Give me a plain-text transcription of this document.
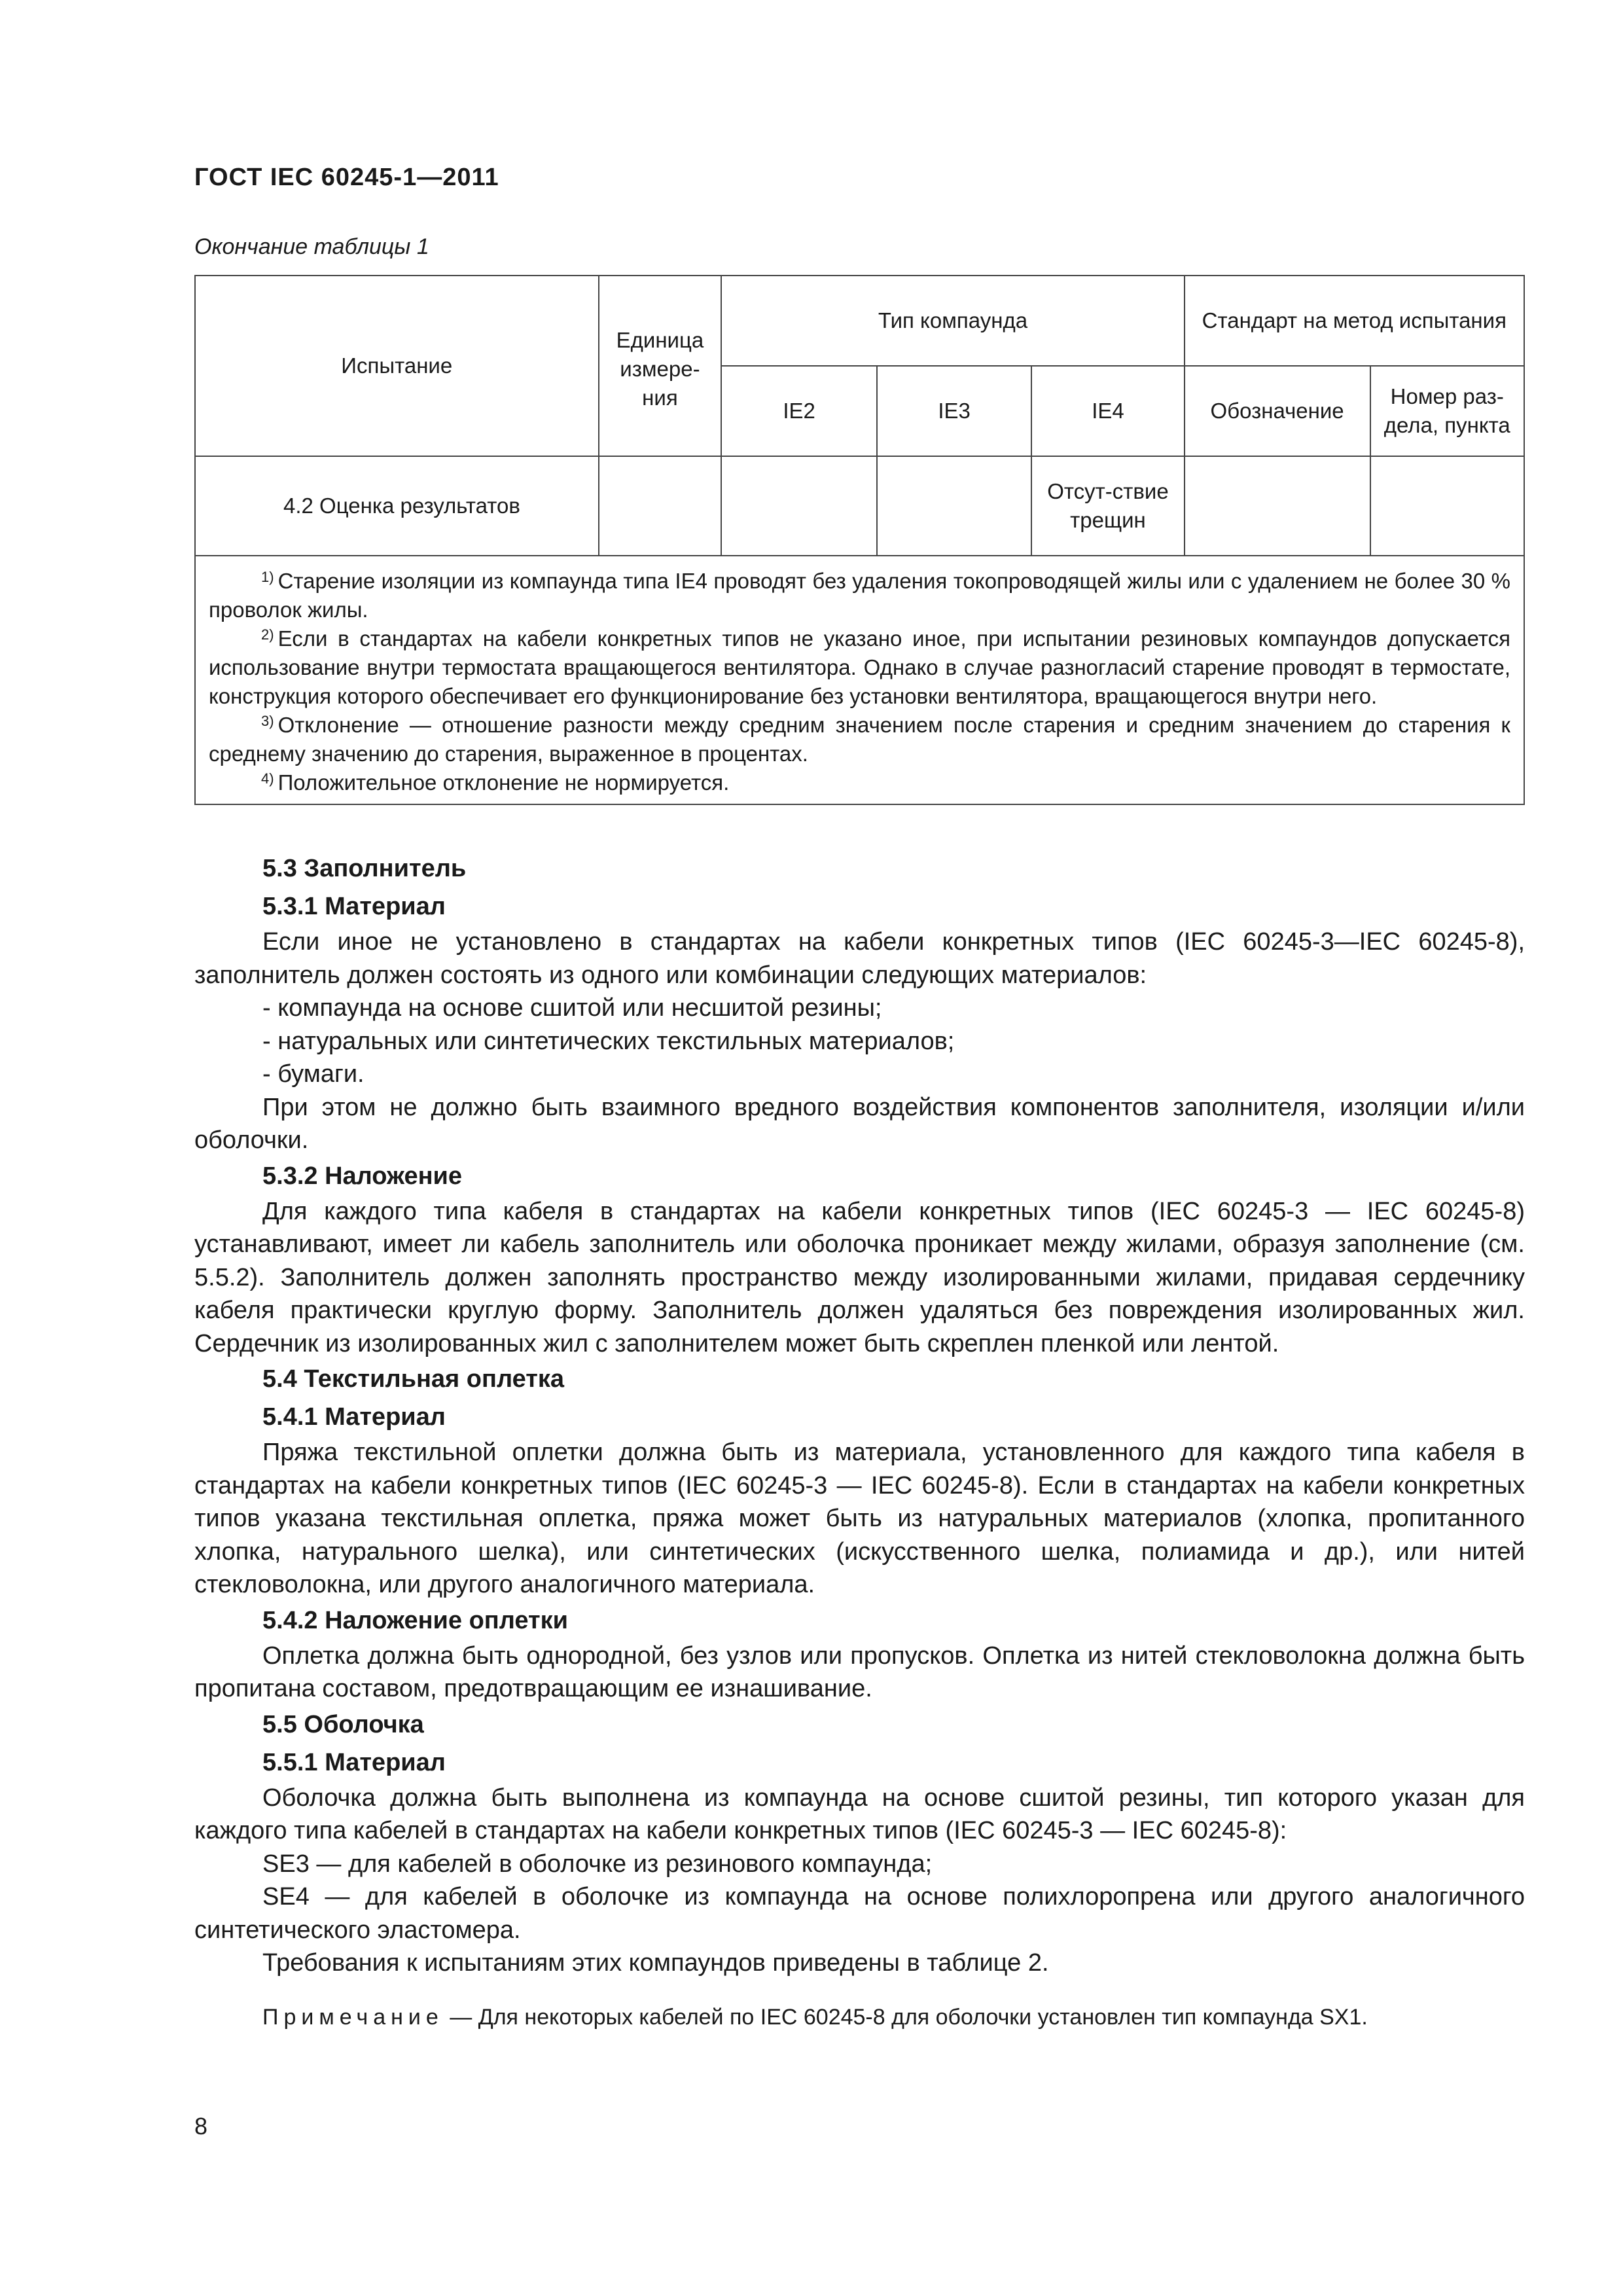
ГОСТ IEC 60245-1—2011
Окончание таблицы 1
Испытание	Единица измере-ния	Тип компаунда			Стандарт на метод испытания	
		IE2	IE3	IE4	Обозначение	Номер раз-дела, пункта
4.2 Оценка результатов				Отсут-ствие трещин		

$^{1)}$ Старение изоляции из компаунда типа IE4 проводят без удаления токопроводящей жилы или с удалением не более 30 % проволок жилы.

$^{2)}$ Если в стандартах на кабели конкретных типов не указано иное, при испытании резиновых компаундов допускается использование внутри термостата вращающегося вентилятора. Однако в случае разногласий старение проводят в термостате, конструкция которого обеспечивает его функционирование без установки вентилятора, вращающегося внутри него.

$^{3)}$ Отклонение — отношение разности между средним значением после старения и средним значением до старения к среднему значению до старения, выраженное в процентах.

$^{4)}$ Положительное отклонение не нормируется.						

5.3 Заполнитель

5.3.1 Материал

Если иное не установлено в стандартах на кабели конкретных типов (IEC 60245-3—IEC 60245-8), заполнитель должен состоять из одного или комбинации следующих материалов:

- компаунда на основе сшитой или несшитой резины;

- натуральных или синтетических текстильных материалов;

- бумаги.

При этом не должно быть взаимного вредного воздействия компонентов заполнителя, изоляции и/или оболочки.

5.3.2 Наложение

Для каждого типа кабеля в стандартах на кабели конкретных типов (IEC 60245-3 — IEC 60245-8) устанавливают, имеет ли кабель заполнитель или оболочка проникает между жилами, образуя заполнение (см. 5.5.2). Заполнитель должен заполнять пространство между изолированными жилами, придавая сердечнику кабеля практически круглую форму. Заполнитель должен удаляться без повреждения изолированных жил. Сердечник из изолированных жил с заполнителем может быть скреплен пленкой или лентой.

5.4 Текстильная оплетка

5.4.1 Материал

Пряжа текстильной оплетки должна быть из материала, установленного для каждого типа кабеля в стандартах на кабели конкретных типов (IEC 60245-3 — IEC 60245-8). Если в стандартах на кабели конкретных типов указана текстильная оплетка, пряжа может быть из натуральных материалов (хлопка, пропитанного хлопка, натурального шелка), или синтетических (искусственного шелка, полиамида и др.), или нитей стекловолокна, или другого аналогичного материала.

5.4.2 Наложение оплетки

Оплетка должна быть однородной, без узлов или пропусков. Оплетка из нитей стекловолокна должна быть пропитана составом, предотвращающим ее изнашивание.

5.5 Оболочка

5.5.1 Материал

Оболочка должна быть выполнена из компаунда на основе сшитой резины, тип которого указан для каждого типа кабелей в стандартах на кабели конкретных типов (IEC 60245-3 — IEC 60245-8):

SE3 — для кабелей в оболочке из резинового компаунда;

SE4 — для кабелей в оболочке из компаунда на основе полихлоропрена или другого аналогичного синтетического эластомера.

Требования к испытаниям этих компаундов приведены в таблице 2.

Примечание — Для некоторых кабелей по IEC 60245-8 для оболочки установлен тип компаунда SX1.

8
